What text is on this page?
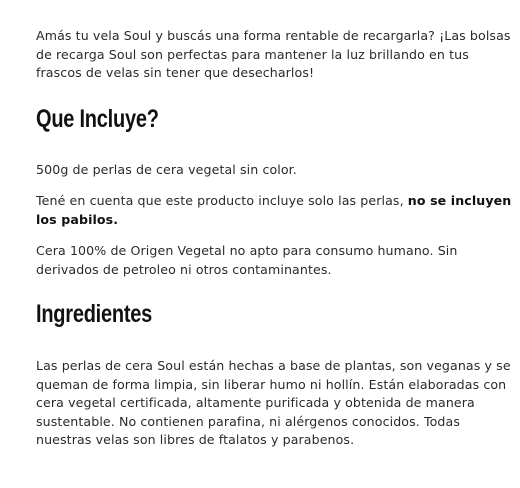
Amás tu vela Soul y buscás una forma rentable de recargarla? ¡Las bolsas de recarga Soul son perfectas para mantener la luz brillando en tus frascos de velas sin tener que desecharlos!

Que Incluye?

500g de perlas de cera vegetal sin color.

Tené en cuenta que este producto incluye solo las perlas, no se incluyen los pabilos.

Cera 100% de Origen Vegetal no apto para consumo humano. Sin derivados de petroleo ni otros contaminantes.

Ingredientes

Las perlas de cera Soul están hechas a base de plantas, son veganas y se queman de forma limpia, sin liberar humo ni hollín. Están elaboradas con cera vegetal certificada, altamente purificada y obtenida de manera sustentable. No contienen parafina, ni alérgenos conocidos. Todas nuestras velas son libres de ftalatos y parabenos.
